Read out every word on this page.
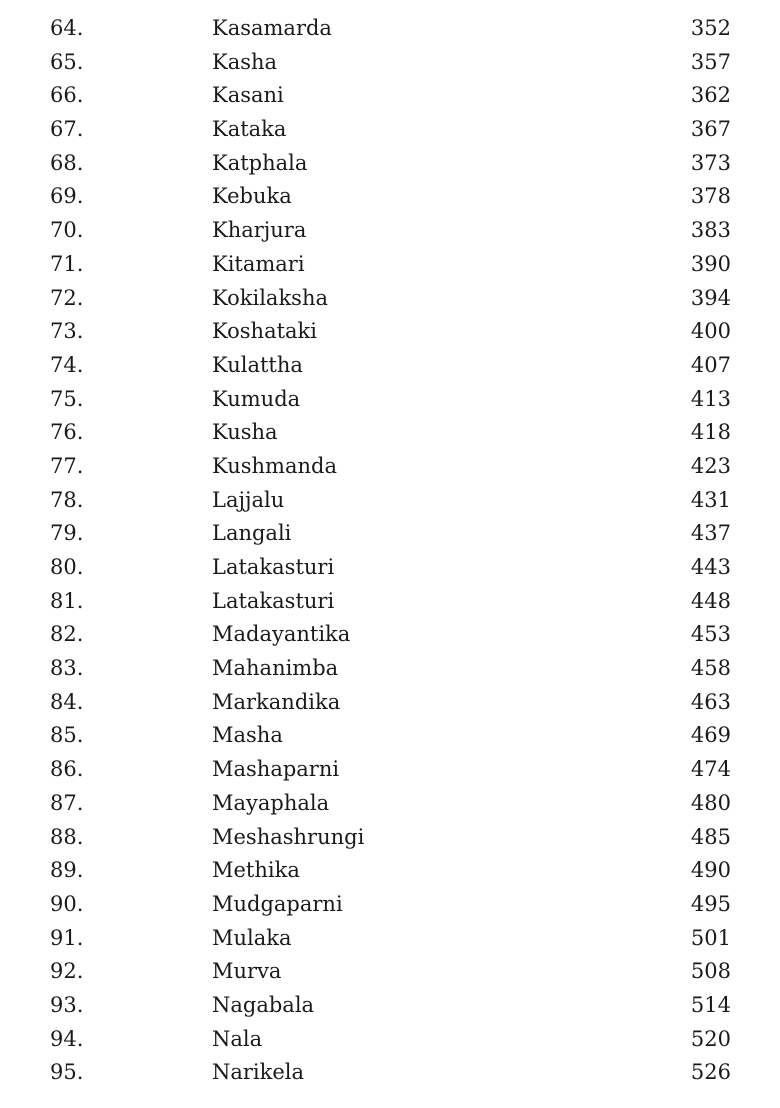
64.	Kasamarda	352
65.	Kasha	357
66.	Kasani	362
67.	Kataka	367
68.	Katphala	373
69.	Kebuka	378
70.	Kharjura	383
71.	Kitamari	390
72.	Kokilaksha	394
73.	Koshataki	400
74.	Kulattha	407
75.	Kumuda	413
76.	Kusha	418
77.	Kushmanda	423
78.	Lajjalu	431
79.	Langali	437
80.	Latakasturi	443
81.	Latakasturi	448
82.	Madayantika	453
83.	Mahanimba	458
84.	Markandika	463
85.	Masha	469
86.	Mashaparni	474
87.	Mayaphala	480
88.	Meshashrungi	485
89.	Methika	490
90.	Mudgaparni	495
91.	Mulaka	501
92.	Murva	508
93.	Nagabala	514
94.	Nala	520
95.	Narikela	526
